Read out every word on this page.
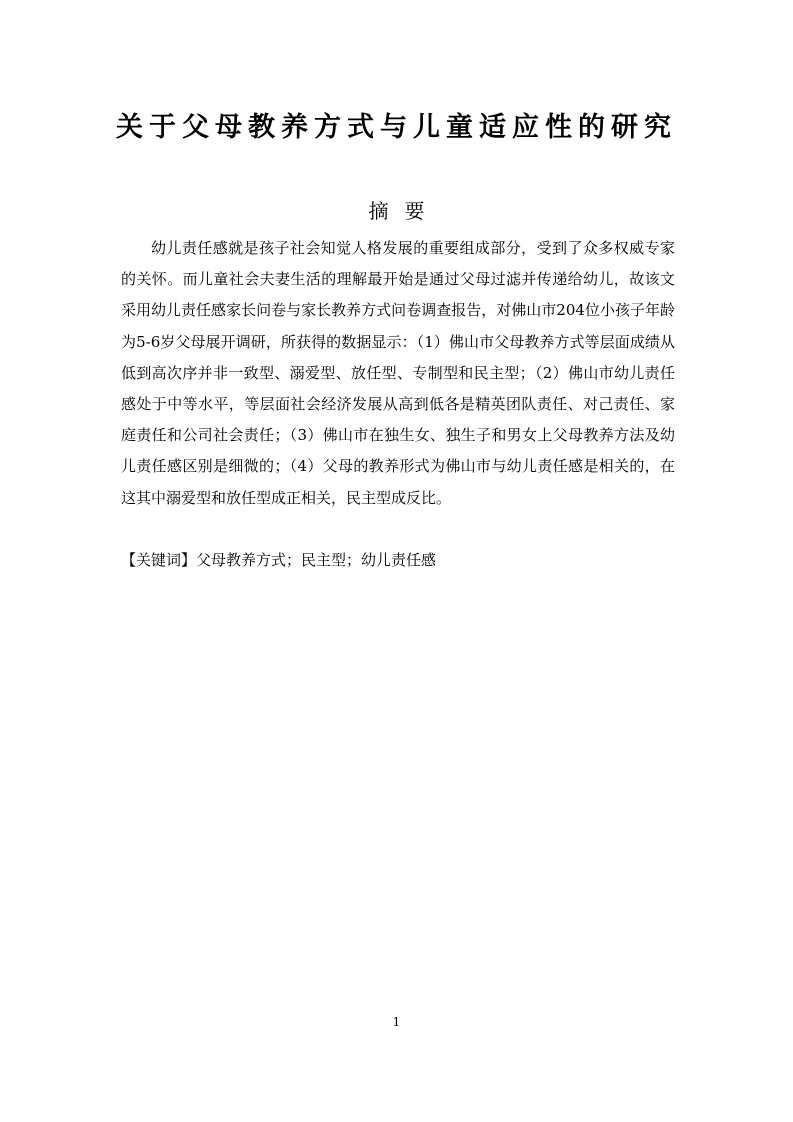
关于父母教养方式与儿童适应性的研究
摘要

幼儿责任感就是孩子社会知觉人格发展的重要组成部分，受到了众多权威专家的关怀。而儿童社会夫妻生活的理解最开始是通过父母过滤并传递给幼儿，故该文采用幼儿责任感家长问卷与家长教养方式问卷调查报告，对佛山市204位小孩子年龄为5-6岁父母展开调研，所获得的数据显示：（1）佛山市父母教养方式等层面成绩从低到高次序并非一致型、溺爱型、放任型、专制型和民主型；（2）佛山市幼儿责任感处于中等水平，等层面社会经济发展从高到低各是精英团队责任、对己责任、家庭责任和公司社会责任；（3）佛山市在独生女、独生子和男女上父母教养方法及幼儿责任感区别是细微的；（4）父母的教养形式为佛山市与幼儿责任感是相关的，在这其中溺爱型和放任型成正相关，民主型成反比。

【关键词】父母教养方式；民主型；幼儿责任感
1
